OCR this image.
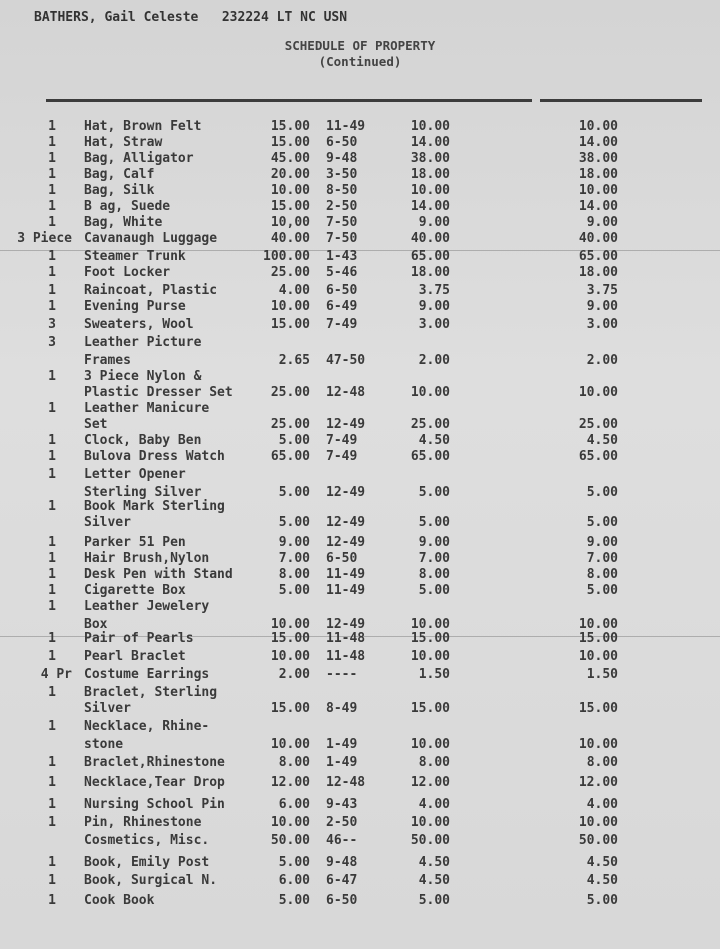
BATHERS, Gail Celeste 232224 LT NC USN
SCHEDULE OF PROPERTY
(Continued)
1	Hat, Brown Felt	15.00 11-49	10.00	10.00
1	Hat, Straw	15.00 6-50	14.00	14.00
1	Bag, Alligator	45.00 9-48	38.00	38.00
1	Bag, Calf	20.00 3-50	18.00	18.00
1	Bag, Silk	10.00 8-50	10.00	10.00
1	B ag, Suede	15.00 2-50	14.00	14.00
1	Bag, White	10,00 7-50	9.00	9.00
3 Piece Cavanaugh Luggage	40.00 7-50	40.00	40.00
1	Steamer Trunk	100.00 1-43	65.00	65.00
1	Foot Locker	25.00 5-46	18.00	18.00
1	Raincoat, Plastic	4.00 6-50	3.75	3.75
1	Evening Purse	10.00 6-49	9.00	9.00
3	Sweaters, Wool	15.00 7-49	3.00	3.00
3	Leather Picture
Frames	2.65 47-50	2.00	2.00
1	3 Piece Nylon &
Plastic Dresser Set	25.00 12-48	10.00	10.00
1	Leather Manicure
Set	25.00 12-49	25.00	25.00
1	Clock, Baby Ben	5.00 7-49	4.50	4.50
1	Bulova Dress Watch	65.00 7-49	65.00	65.00
1	Letter Opener
Sterling Silver	5.00 12-49	5.00	5.00
1	Book Mark Sterling
Silver	5.00 12-49	5.00	5.00
1	Parker 51 Pen	9.00 12-49	9.00	9.00
1	Hair Brush,Nylon	7.00 6-50	7.00	7.00
1	Desk Pen with Stand	8.00 11-49	8.00	8.00
1	Cigarette Box	5.00 11-49	5.00	5.00
1	Leather Jewelery
Box	10.00 12-49	10.00	10.00
1	Pair of Pearls	15.00 11-48	15.00	15.00
1	Pearl Braclet	10.00 11-48	10.00	10.00
4 Pr Costume Earrings	2.00 ----	1.50	1.50
1	Braclet, Sterling
Silver	15.00 8-49	15.00	15.00
1	Necklace, Rhine-
stone	10.00 1-49	10.00	10.00
1	Braclet,Rhinestone	8.00 1-49	8.00	8.00
1	Necklace,Tear Drop	12.00 12-48	12.00	12.00
1	Nursing School Pin	6.00 9-43	4.00	4.00
1	Pin, Rhinestone	10.00 2-50	10.00	10.00
Cosmetics, Misc.	50.00 46--	50.00	50.00
1	Book, Emily Post	5.00 9-48	4.50	4.50
1	Book, Surgical N.	6.00 6-47	4.50	4.50
1	Cook Book	5.00 6-50	5.00	5.00
